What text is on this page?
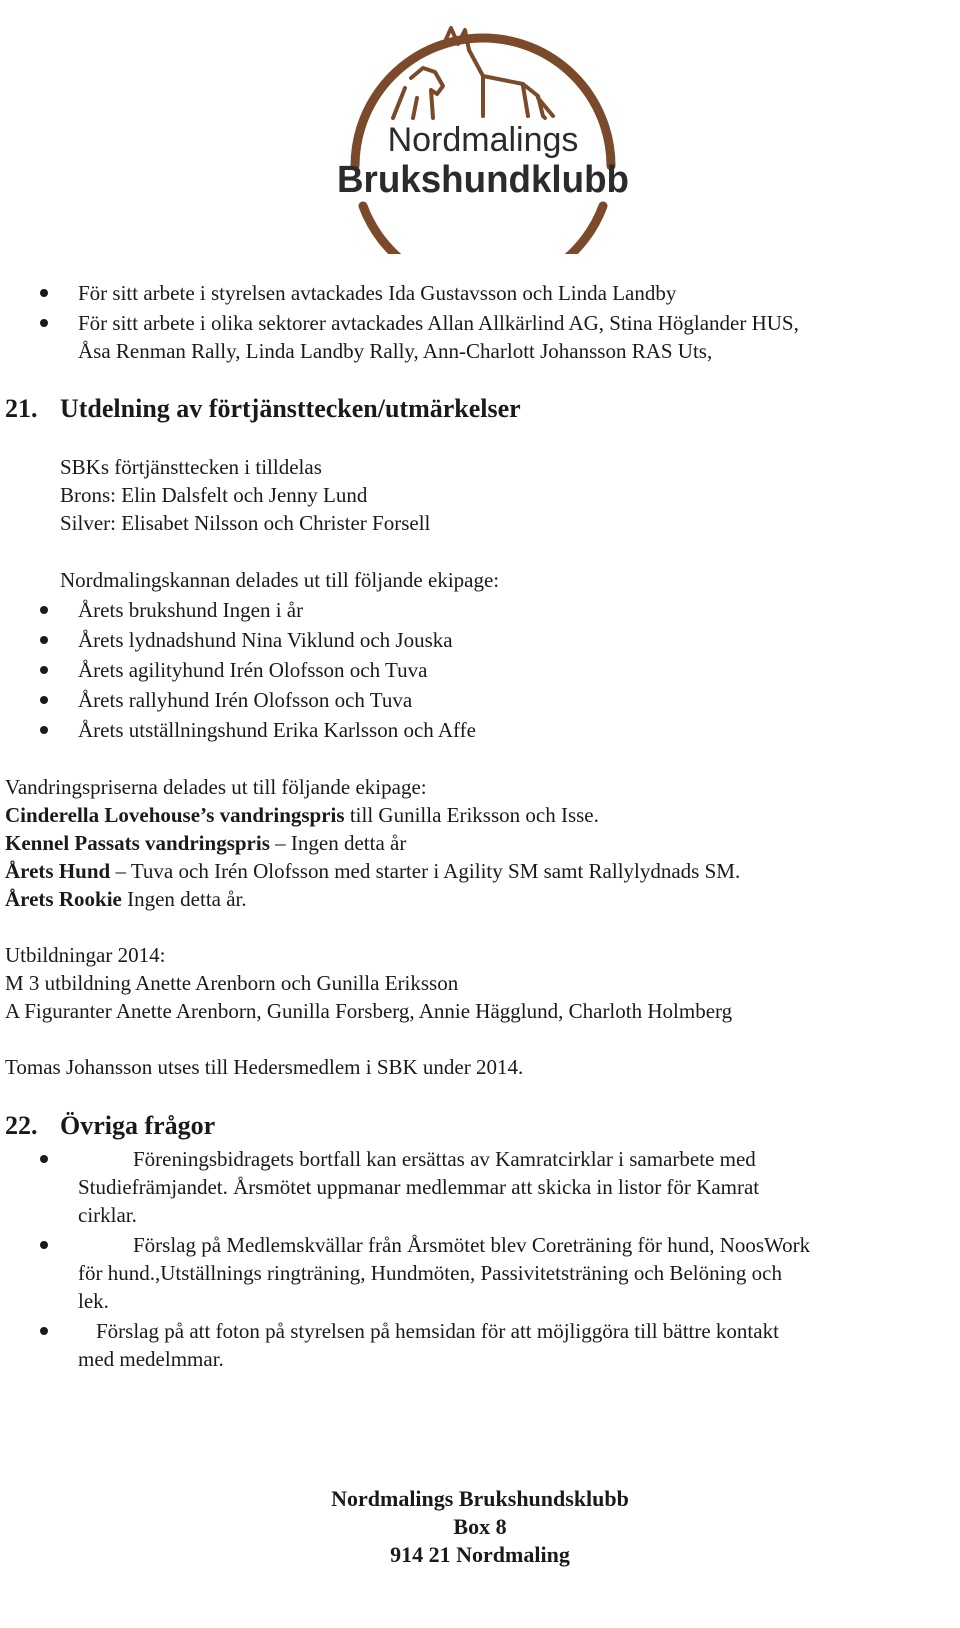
Nordmalings
Brukshundklubb
För sitt arbete i styrelsen avtackades Ida Gustavsson och Linda Landby
För sitt arbete i olika sektorer avtackades Allan Allkärlind AG, Stina Höglander HUS,
Åsa Renman Rally, Linda Landby Rally, Ann-Charlott Johansson RAS Uts,
21. Utdelning av förtjänsttecken/utmärkelser
SBKs förtjänsttecken i tilldelas
Brons: Elin Dalsfelt och Jenny Lund
Silver: Elisabet Nilsson och Christer Forsell
Nordmalingskannan delades ut till följande ekipage:
Årets brukshund Ingen i år
Årets lydnadshund Nina Viklund och Jouska
Årets agilityhund Irén Olofsson och Tuva
Årets rallyhund Irén Olofsson och Tuva
Årets utställningshund Erika Karlsson och Affe
Vandringspriserna delades ut till följande ekipage:
Cinderella Lovehouse’s vandringspris till Gunilla Eriksson och Isse.
Kennel Passats vandringspris – Ingen detta år
Årets Hund – Tuva och Irén Olofsson med starter i Agility SM samt Rallylydnads SM.
Årets Rookie Ingen detta år.
Utbildningar 2014:
M 3 utbildning Anette Arenborn och Gunilla Eriksson
A Figuranter Anette Arenborn, Gunilla Forsberg, Annie Hägglund, Charloth Holmberg
Tomas Johansson utses till Hedersmedlem i SBK under 2014.
22. Övriga frågor
Föreningsbidragets bortfall kan ersättas av Kamratcirklar i samarbete med
Studiefrämjandet. Årsmötet uppmanar medlemmar att skicka in listor för Kamrat
cirklar.
Förslag på Medlemskvällar från Årsmötet blev Coreträning för hund, NoosWork
för hund.,Utställnings ringträning, Hundmöten, Passivitetsträning och Belöning och
lek.
Förslag på att foton på styrelsen på hemsidan för att möjliggöra till bättre kontakt
med medelmmar.
Nordmalings Brukshundsklubb
Box 8
914 21 Nordmaling
